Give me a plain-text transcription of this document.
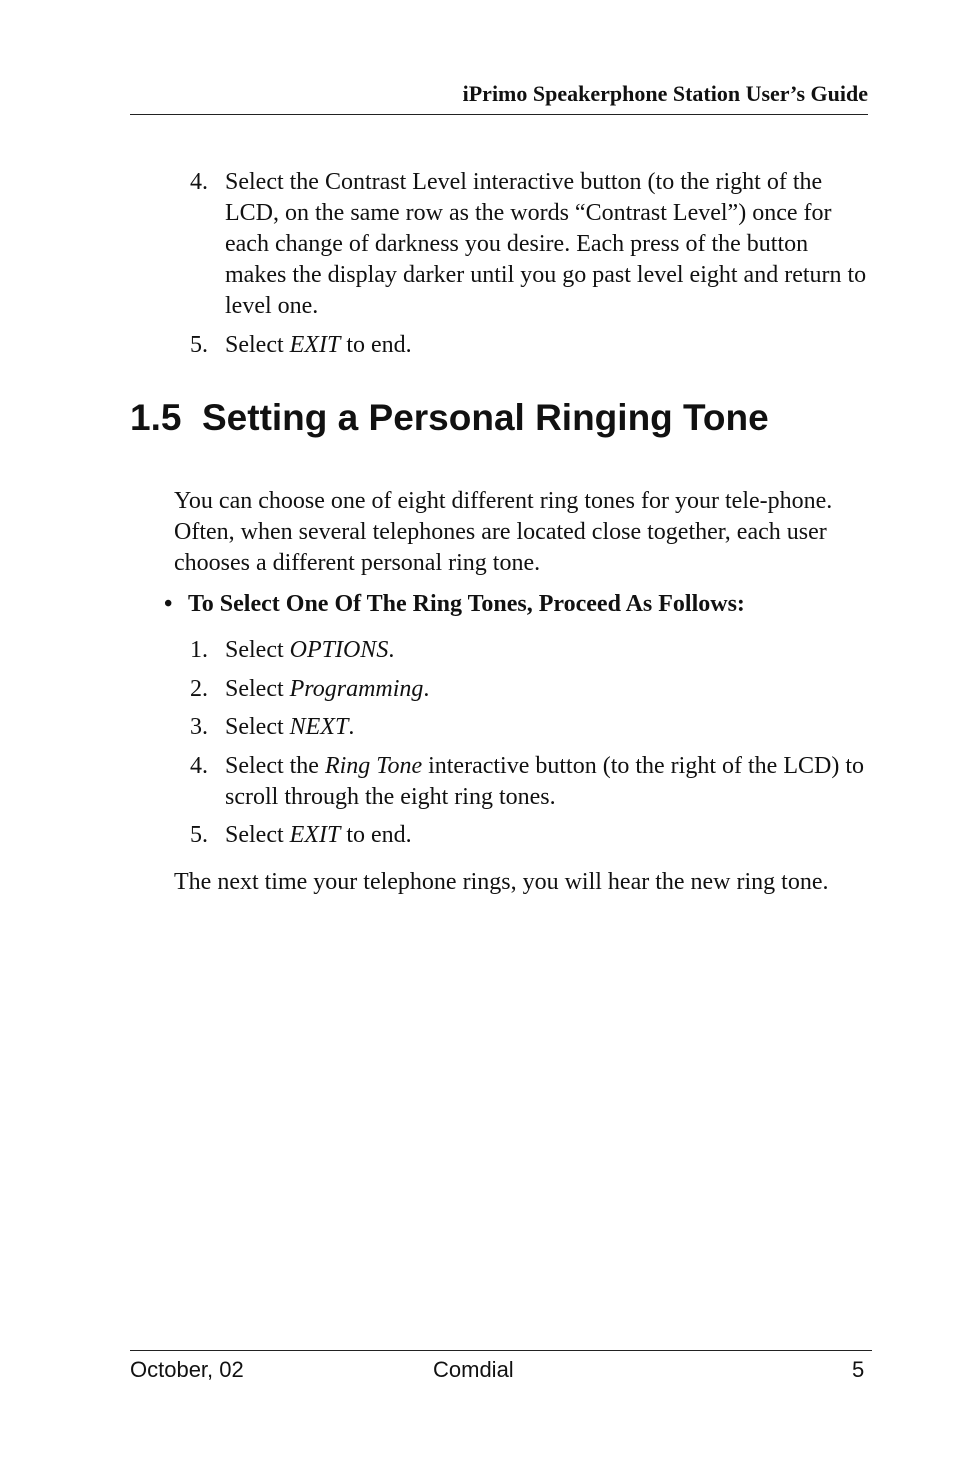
iPrimo Speakerphone Station User’s Guide
4. Select the Contrast Level interactive button (to the right of the LCD, on the same row as the words “Contrast Level”) once for each change of darkness you desire. Each press of the button makes the display darker until you go past level eight and return to level one.
5. Select EXIT to end.
1.5  Setting a Personal Ringing Tone

You can choose one of eight different ring tones for your tele-phone. Often, when several telephones are located close together, each user chooses a different personal ring tone.

• To Select One Of The Ring Tones, Proceed As Follows:

1. Select OPTIONS.
2. Select Programming.
3. Select NEXT.
4. Select the Ring Tone interactive button (to the right of the LCD) to scroll through the eight ring tones.
5. Select EXIT to end.

The next time your telephone rings, you will hear the new ring tone.

October, 02	Comdial	5
